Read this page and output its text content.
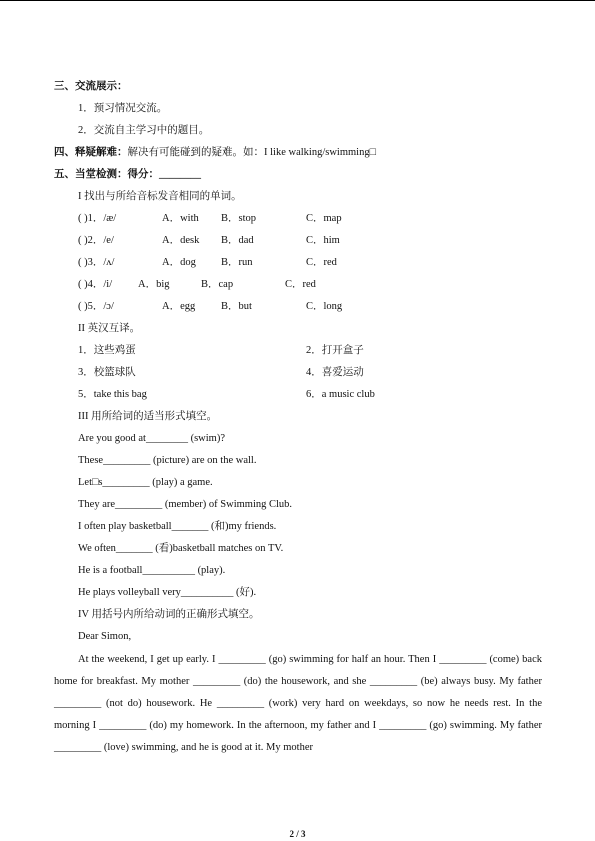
三、交流展示：
1．预习情况交流。
2．交流自主学习中的题目。
四、释疑解难：解决有可能碰到的疑难。如：I like walking/swimming□
五、当堂检测：得分：________
I 找出与所给音标发音相同的单词。
( )1．/æ/	A．with B．stop	C．map
( )2．/e/	A．desk B．dad	C．him
( )3．/ʌ/	A．dog B．run	C．red
( )4．/i/ A．big	B．cap	C．red
( )5．/ɔ/	A．egg B．but	C．long
II 英汉互译。
1．这些鸡蛋	2．打开盒子
3．校篮球队	4．喜爱运动
5．take this bag	6．a music club
III 用所给词的适当形式填空。
Are you good at________ (swim)?
These_________ (picture) are on the wall.
Let□s_________ (play) a game.
They are_________ (member) of Swimming Club.
I often play basketball_______ (和)my friends.
We often_______ (看)basketball matches on TV.
He is a football__________ (play).
He plays volleyball very__________ (好).
IV 用括号内所给动词的正确形式填空。
Dear Simon,

At the weekend, I get up early. I _________ (go) swimming for half an hour. Then I _________ (come) back home for breakfast. My mother _________ (do) the housework, and she _________ (be) always busy. My father _________ (not do) housework. He _________ (work) very hard on weekdays, so now he needs rest. In the morning I _________ (do) my homework. In the afternoon, my father and I _________ (go) swimming. My father _________ (love) swimming, and he is good at it. My mother

2 / 3
